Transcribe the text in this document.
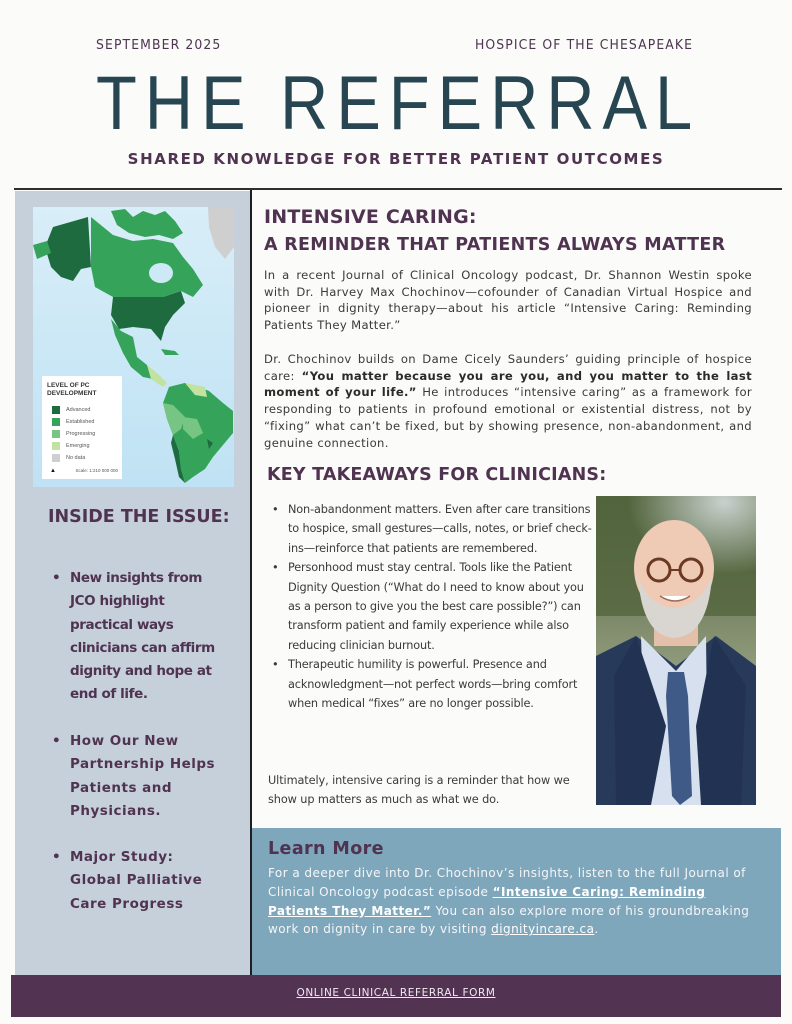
SEPTEMBER 2025	HOSPICE OF THE CHESAPEAKE
THE REFERRAL
SHARED KNOWLEDGE FOR BETTER PATIENT OUTCOMES
LEVEL OF PC DEVELOPMENT
Advanced
Established
Progressing
Emerging
No data
▲	Scale: 1:210 000 000
INSIDE THE ISSUE:
• New insights from JCO highlight practical ways clinicians can affirm dignity and hope at end of life.
• How Our New Partnership Helps Patients and Physicians.
• Major Study: Global Palliative Care Progress
INTENSIVE CARING:
A REMINDER THAT PATIENTS ALWAYS MATTER
In a recent Journal of Clinical Oncology podcast, Dr. Shannon Westin spoke with Dr. Harvey Max Chochinov—cofounder of Canadian Virtual Hospice and pioneer in dignity therapy—about his article “Intensive Caring: Reminding Patients They Matter.”
Dr. Chochinov builds on Dame Cicely Saunders’ guiding principle of hospice care: “You matter because you are you, and you matter to the last moment of your life.” He introduces “intensive caring” as a framework for responding to patients in profound emotional or existential distress, not by “fixing” what can’t be fixed, but by showing presence, non-abandonment, and genuine connection.
KEY TAKEAWAYS FOR CLINICIANS:
• Non-abandonment matters. Even after care transitions to hospice, small gestures—calls, notes, or brief check-ins—reinforce that patients are remembered.
• Personhood must stay central. Tools like the Patient Dignity Question (“What do I need to know about you as a person to give you the best care possible?”) can transform patient and family experience while also reducing clinician burnout.
• Therapeutic humility is powerful. Presence and acknowledgment—not perfect words—bring comfort when medical “fixes” are no longer possible.
Ultimately, intensive caring is a reminder that how we show up matters as much as what we do.
Learn More
For a deeper dive into Dr. Chochinov’s insights, listen to the full Journal of Clinical Oncology podcast episode “Intensive Caring: Reminding Patients They Matter.” You can also explore more of his groundbreaking work on dignity in care by visiting dignityincare.ca.
ONLINE CLINICAL REFERRAL FORM
